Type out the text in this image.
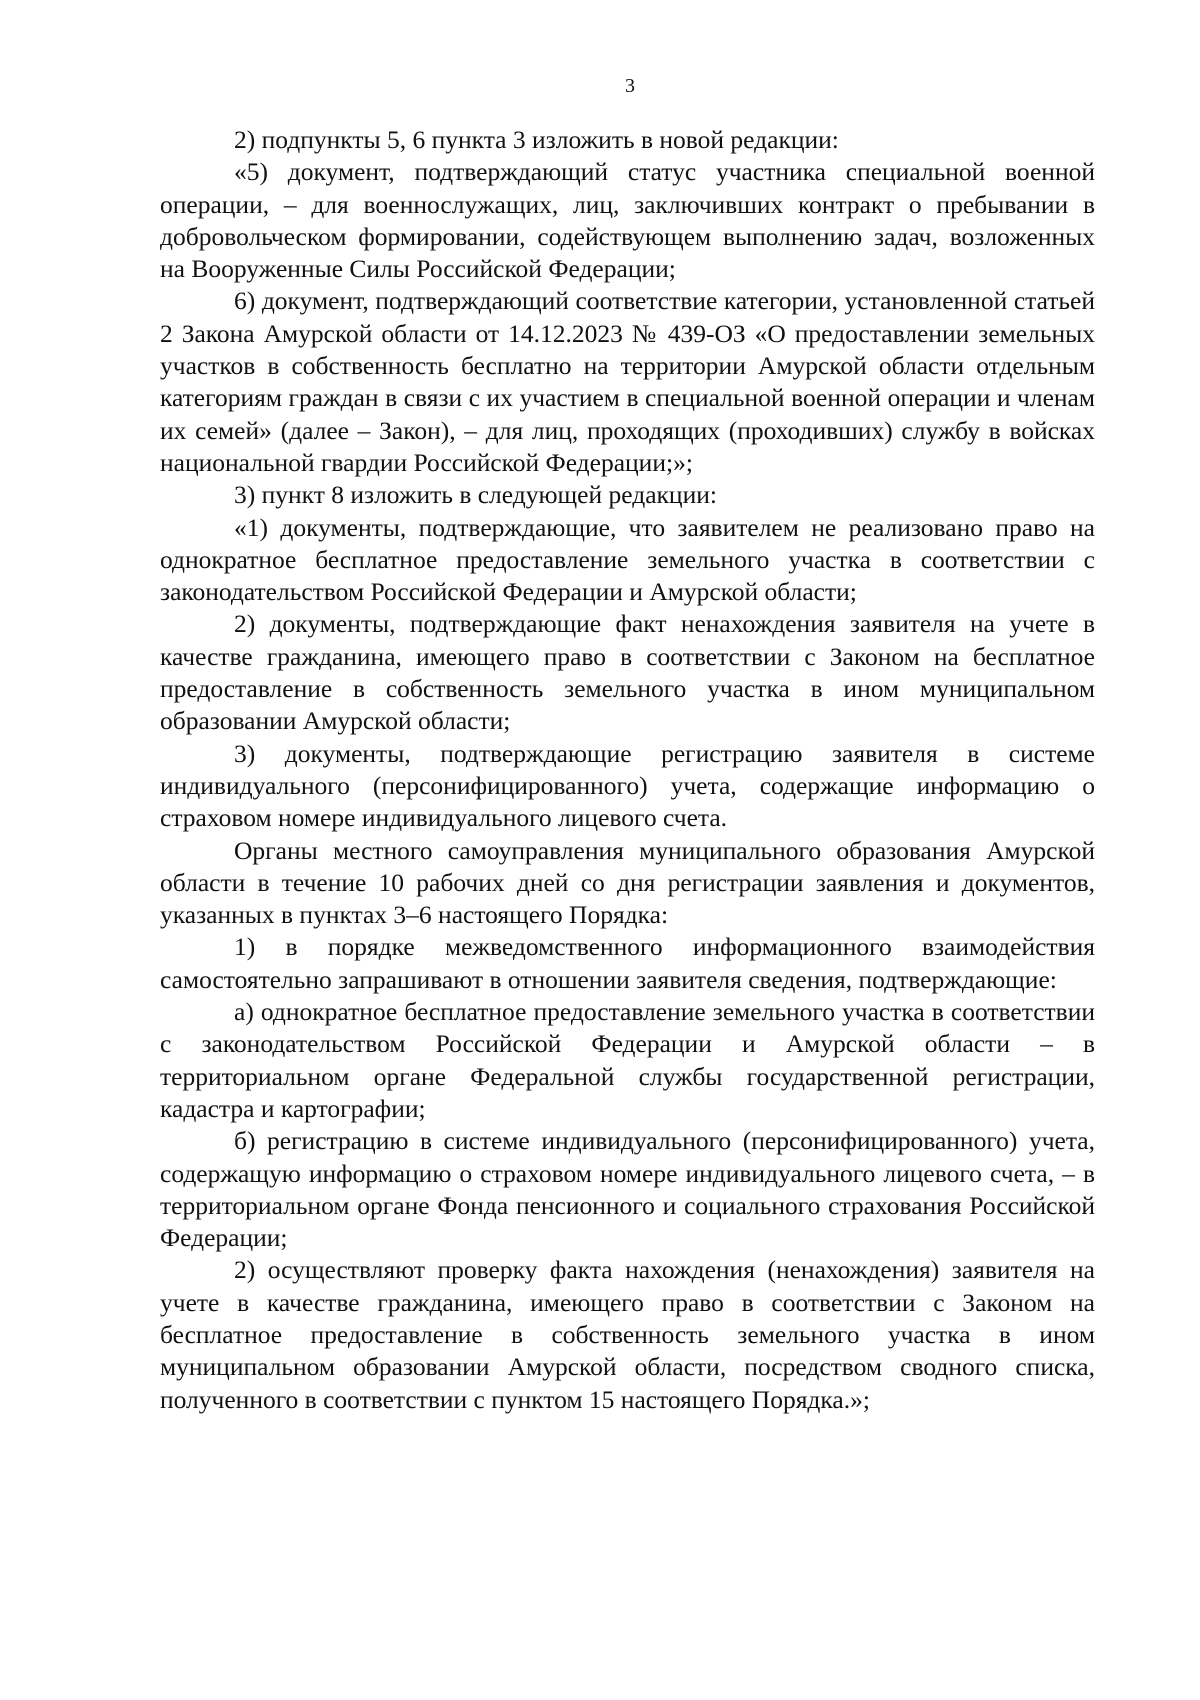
3

2) подпункты 5, 6 пункта 3 изложить в новой редакции:

«5) документ, подтверждающий статус участника специальной военной операции, – для военнослужащих, лиц, заключивших контракт о пребывании в добровольческом формировании, содействующем выполнению задач, возложенных на Вооруженные Силы Российской Федерации;

6) документ, подтверждающий соответствие категории, установленной статьей 2 Закона Амурской области от 14.12.2023 № 439-ОЗ «О предоставлении земельных участков в собственность бесплатно на территории Амурской области отдельным категориям граждан в связи с их участием в специальной военной операции и членам их семей» (далее – Закон), – для лиц, проходящих (проходивших) службу в войсках национальной гвардии Российской Федерации;»;

3) пункт 8 изложить в следующей редакции:

«1) документы, подтверждающие, что заявителем не реализовано право на однократное бесплатное предоставление земельного участка в соответствии с законодательством Российской Федерации и Амурской области;

2) документы, подтверждающие факт ненахождения заявителя на учете в качестве гражданина, имеющего право в соответствии с Законом на бесплатное предоставление в собственность земельного участка в ином муниципальном образовании Амурской области;

3) документы, подтверждающие регистрацию заявителя в системе индивидуального (персонифицированного) учета, содержащие информацию о страховом номере индивидуального лицевого счета.

Органы местного самоуправления муниципального образования Амурской области в течение 10 рабочих дней со дня регистрации заявления и документов, указанных в пунктах 3–6 настоящего Порядка:

1) в порядке межведомственного информационного взаимодействия самостоятельно запрашивают в отношении заявителя сведения, подтверждающие:

а) однократное бесплатное предоставление земельного участка в соответствии с законодательством Российской Федерации и Амурской области – в территориальном органе Федеральной службы государственной регистрации, кадастра и картографии;

б) регистрацию в системе индивидуального (персонифицированного) учета, содержащую информацию о страховом номере индивидуального лицевого счета, – в территориальном органе Фонда пенсионного и социального страхования Российской Федерации;

2) осуществляют проверку факта нахождения (ненахождения) заявителя на учете в качестве гражданина, имеющего право в соответствии с Законом на бесплатное предоставление в собственность земельного участка в ином муниципальном образовании Амурской области, посредством сводного списка, полученного в соответствии с пунктом 15 настоящего Порядка.»;
